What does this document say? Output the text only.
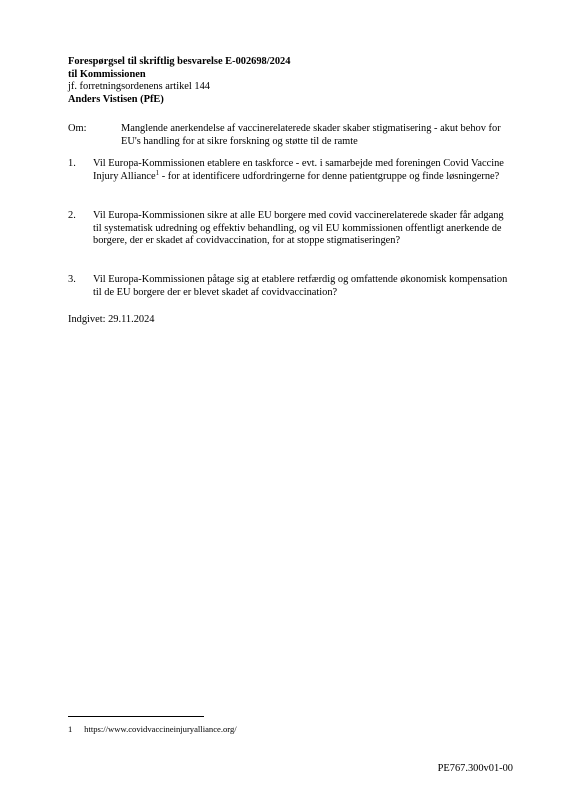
Forespørgsel til skriftlig besvarelse E-002698/2024
til Kommissionen
jf. forretningsordenens artikel 144
Anders Vistisen (PfE)
Om:	Manglende anerkendelse af vaccinerelaterede skader skaber stigmatisering - akut behov for EU's handling for at sikre forskning og støtte til de ramte
1. Vil Europa-Kommissionen etablere en taskforce - evt. i samarbejde med foreningen Covid Vaccine Injury Alliance$^1$ - for at identificere udfordringerne for denne patientgruppe og finde løsningerne?
2. Vil Europa-Kommissionen sikre at alle EU borgere med covid vaccinerelaterede skader får adgang til systematisk udredning og effektiv behandling, og vil EU kommissionen offentligt anerkende de borgere, der er skadet af covidvaccination, for at stoppe stigmatiseringen?
3. Vil Europa-Kommissionen påtage sig at etablere retfærdig og omfattende økonomisk kompensation til de EU borgere der er blevet skadet af covidvaccination?
Indgivet: 29.11.2024
1 https://www.covidvaccineinjuryalliance.org/
PE767.300v01-00
